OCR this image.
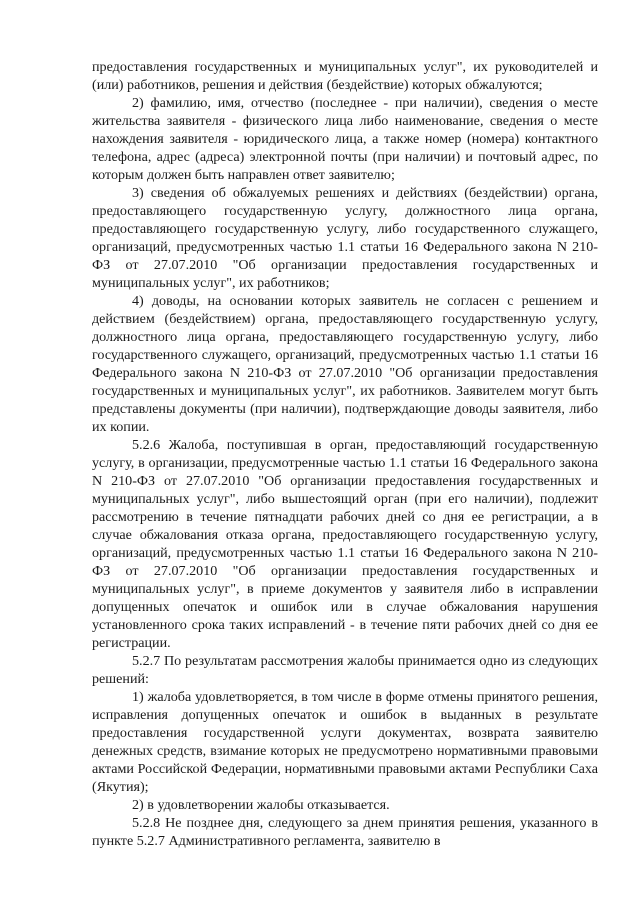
предоставления государственных и муниципальных услуг", их руководителей и (или) работников, решения и действия (бездействие) которых обжалуются;

2) фамилию, имя, отчество (последнее - при наличии), сведения о месте жительства заявителя - физического лица либо наименование, сведения о месте нахождения заявителя - юридического лица, а также номер (номера) контактного телефона, адрес (адреса) электронной почты (при наличии) и почтовый адрес, по которым должен быть направлен ответ заявителю;

3) сведения об обжалуемых решениях и действиях (бездействии) органа, предоставляющего государственную услугу, должностного лица органа, предоставляющего государственную услугу, либо государственного служащего, организаций, предусмотренных частью 1.1 статьи 16 Федерального закона N 210-ФЗ от 27.07.2010 "Об организации предоставления государственных и муниципальных услуг", их работников;

4) доводы, на основании которых заявитель не согласен с решением и действием (бездействием) органа, предоставляющего государственную услугу, должностного лица органа, предоставляющего государственную услугу, либо государственного служащего, организаций, предусмотренных частью 1.1 статьи 16 Федерального закона N 210-ФЗ от 27.07.2010 "Об организации предоставления государственных и муниципальных услуг", их работников. Заявителем могут быть представлены документы (при наличии), подтверждающие доводы заявителя, либо их копии.

5.2.6 Жалоба, поступившая в орган, предоставляющий государственную услугу, в организации, предусмотренные частью 1.1 статьи 16 Федерального закона N 210-ФЗ от 27.07.2010 "Об организации предоставления государственных и муниципальных услуг", либо вышестоящий орган (при его наличии), подлежит рассмотрению в течение пятнадцати рабочих дней со дня ее регистрации, а в случае обжалования отказа органа, предоставляющего государственную услугу, организаций, предусмотренных частью 1.1 статьи 16 Федерального закона N 210-ФЗ от 27.07.2010 "Об организации предоставления государственных и муниципальных услуг", в приеме документов у заявителя либо в исправлении допущенных опечаток и ошибок или в случае обжалования нарушения установленного срока таких исправлений - в течение пяти рабочих дней со дня ее регистрации.

5.2.7 По результатам рассмотрения жалобы принимается одно из следующих решений:

1) жалоба удовлетворяется, в том числе в форме отмены принятого решения, исправления допущенных опечаток и ошибок в выданных в результате предоставления государственной услуги документах, возврата заявителю денежных средств, взимание которых не предусмотрено нормативными правовыми актами Российской Федерации, нормативными правовыми актами Республики Саха (Якутия);

2) в удовлетворении жалобы отказывается.

5.2.8 Не позднее дня, следующего за днем принятия решения, указанного в пункте 5.2.7 Административного регламента, заявителю в
